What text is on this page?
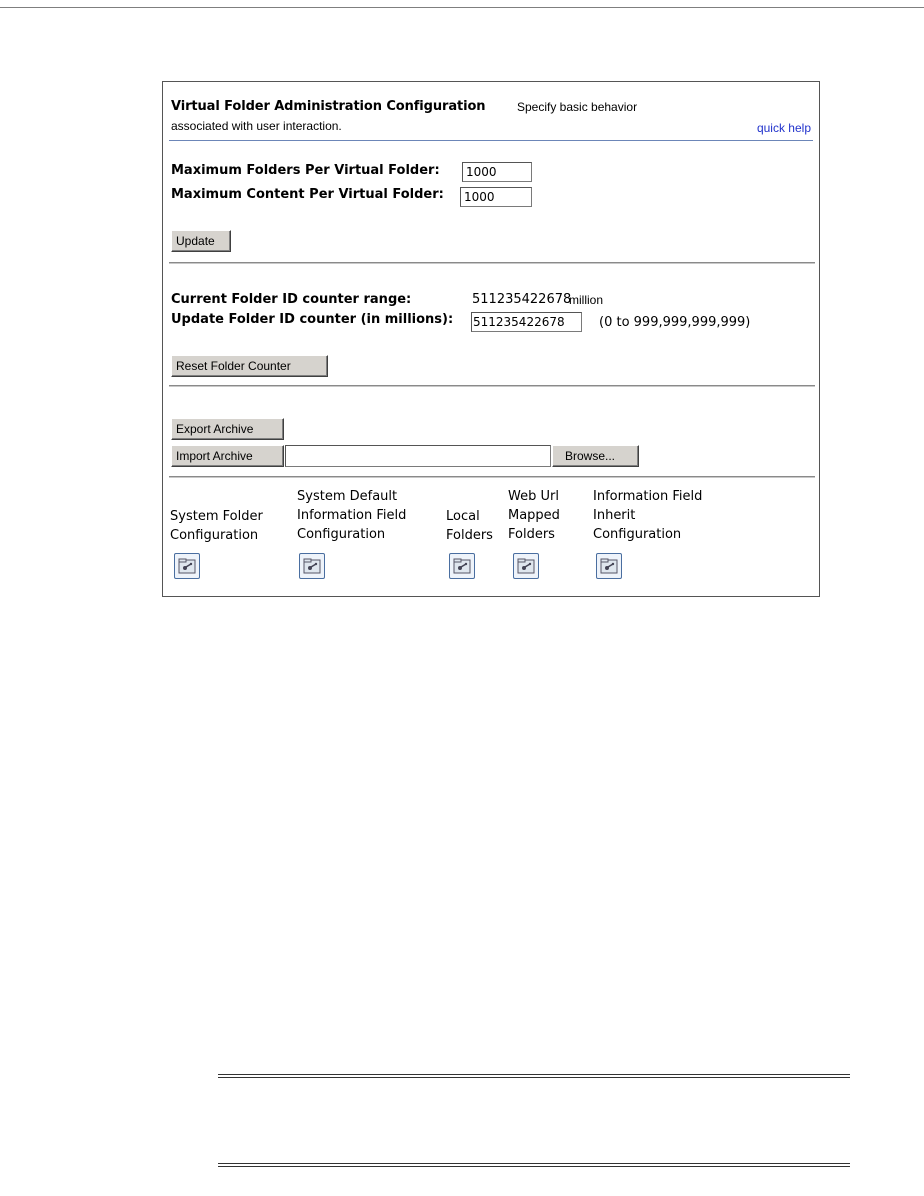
Virtual Folder Administration Configuration	Specify basic behavior
associated with user interaction.	quick help
Maximum Folders Per Virtual Folder:
1000
Maximum Content Per Virtual Folder:
1000
Update
Current Folder ID counter range:	511235422678
million
Update Folder ID counter (in millions):
511235422678	(0 to 999,999,999,999)
Reset Folder Counter
Export Archive
Import Archive	Browse...
System Folder
Configuration
System Default
Information Field
Configuration
Local
Folders
Web Url
Mapped
Folders
Information Field
Inherit
Configuration
